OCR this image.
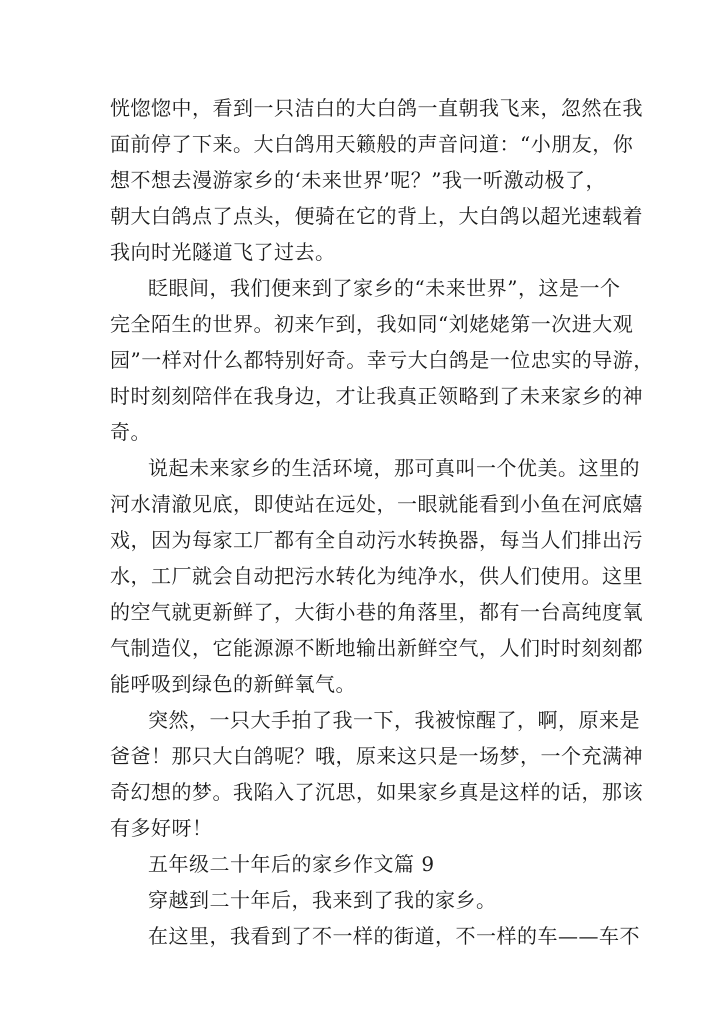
恍惚惚中，看到一只洁白的大白鸽一直朝我飞来，忽然在我
面前停了下来。大白鸽用天籁般的声音问道：“小朋友，你
想不想去漫游家乡的‘未来世界’呢？”我一听激动极了，
朝大白鸽点了点头，便骑在它的背上，大白鸽以超光速载着
我向时光隧道飞了过去。
眨眼间，我们便来到了家乡的“未来世界”，这是一个
完全陌生的世界。初来乍到，我如同“刘姥姥第一次进大观
园”一样对什么都特别好奇。幸亏大白鸽是一位忠实的导游，
时时刻刻陪伴在我身边，才让我真正领略到了未来家乡的神
奇。
说起未来家乡的生活环境，那可真叫一个优美。这里的
河水清澈见底，即使站在远处，一眼就能看到小鱼在河底嬉
戏，因为每家工厂都有全自动污水转换器，每当人们排出污
水，工厂就会自动把污水转化为纯净水，供人们使用。这里
的空气就更新鲜了，大街小巷的角落里，都有一台高纯度氧
气制造仪，它能源源不断地输出新鲜空气，人们时时刻刻都
能呼吸到绿色的新鲜氧气。
突然，一只大手拍了我一下，我被惊醒了，啊，原来是
爸爸！那只大白鸽呢？哦，原来这只是一场梦，一个充满神
奇幻想的梦。我陷入了沉思，如果家乡真是这样的话，那该
有多好呀！
五年级二十年后的家乡作文篇 9
穿越到二十年后，我来到了我的家乡。
在这里，我看到了不一样的街道，不一样的车——车不
